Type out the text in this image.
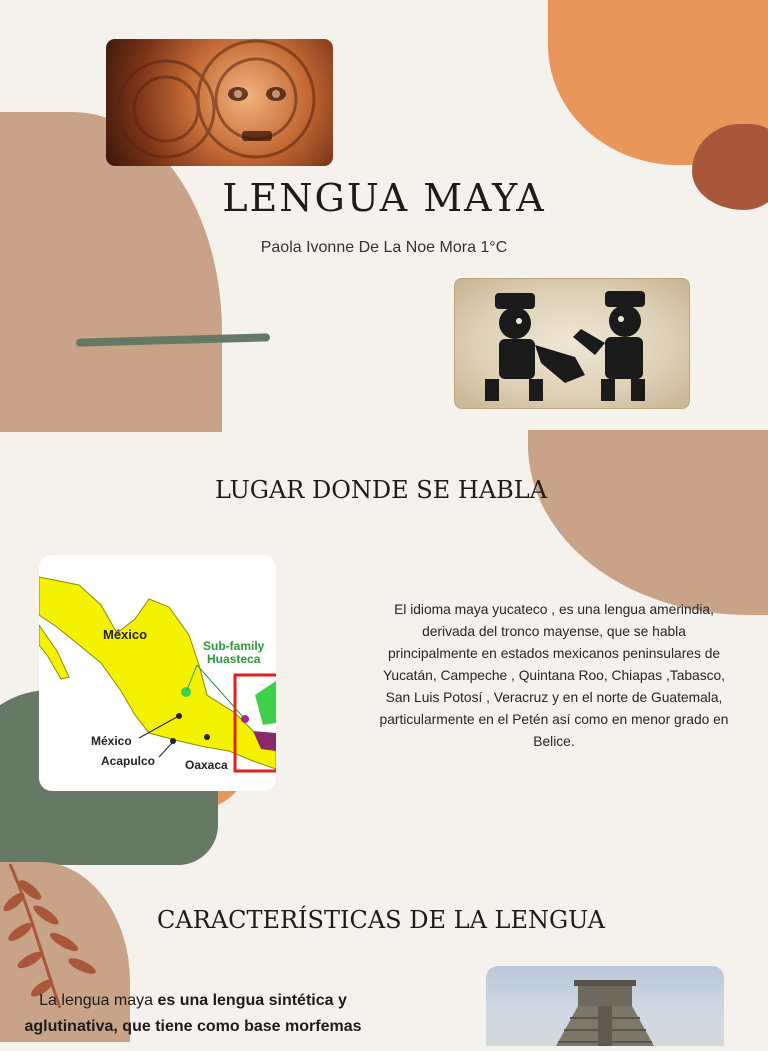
LENGUA MAYA
Paola Ivonne De La Noe Mora 1°C
LUGAR DONDE SE HABLA
México
Sub-family
Huasteca
México
Acapulco Oaxaca
El idioma maya yucateco , es una lengua amerindia, derivada del tronco mayense, que se habla principalmente en estados mexicanos peninsulares de Yucatán, Campeche , Quintana Roo, Chiapas ,Tabasco, San Luis Potosí , Veracruz y en el norte de Guatemala, particularmente en el Petén así como en menor grado en Belice.
CARACTERÍSTICAS DE LA LENGUA
La lengua maya es una lengua sintética y aglutinativa, que tiene como base morfemas
